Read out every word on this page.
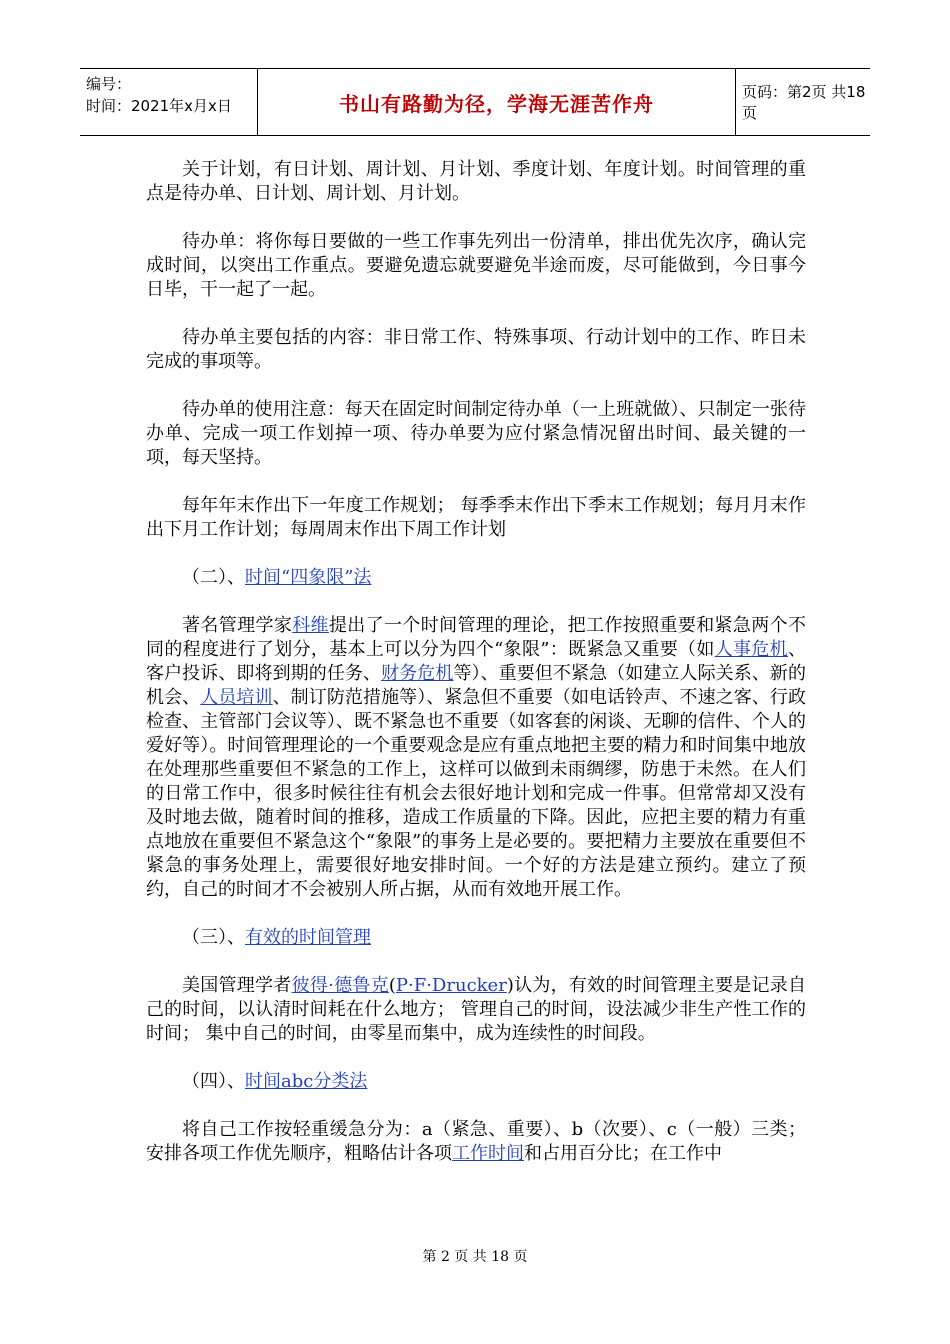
编号：
时间：2021年x月x日	书山有路勤为径，学海无涯苦作舟	页码：第2页 共18页

关于计划，有日计划、周计划、月计划、季度计划、年度计划。时间管理的重点是待办单、日计划、周计划、月计划。

待办单：将你每日要做的一些工作事先列出一份清单，排出优先次序，确认完成时间，以突出工作重点。要避免遗忘就要避免半途而废，尽可能做到，今日事今日毕，干一起了一起。

待办单主要包括的内容：非日常工作、特殊事项、行动计划中的工作、昨日未完成的事项等。

待办单的使用注意：每天在固定时间制定待办单（一上班就做）、只制定一张待办单、完成一项工作划掉一项、待办单要为应付紧急情况留出时间、最关键的一项，每天坚持。

每年年末作出下一年度工作规划； 每季季末作出下季末工作规划；每月月末作出下月工作计划；每周周末作出下周工作计划

（二）、时间“四象限”法

著名管理学家科维提出了一个时间管理的理论，把工作按照重要和紧急两个不同的程度进行了划分，基本上可以分为四个“象限”：既紧急又重要（如人事危机、客户投诉、即将到期的任务、财务危机等）、重要但不紧急（如建立人际关系、新的机会、人员培训、制订防范措施等）、紧急但不重要（如电话铃声、不速之客、行政检查、主管部门会议等）、既不紧急也不重要（如客套的闲谈、无聊的信件、个人的爱好等）。时间管理理论的一个重要观念是应有重点地把主要的精力和时间集中地放在处理那些重要但不紧急的工作上，这样可以做到未雨绸缪，防患于未然。在人们的日常工作中，很多时候往往有机会去很好地计划和完成一件事。但常常却又没有及时地去做，随着时间的推移，造成工作质量的下降。因此，应把主要的精力有重点地放在重要但不紧急这个“象限”的事务上是必要的。要把精力主要放在重要但不紧急的事务处理上，需要很好地安排时间。一个好的方法是建立预约。建立了预约，自己的时间才不会被别人所占据，从而有效地开展工作。

（三）、有效的时间管理

美国管理学者彼得·德鲁克(P·F·Drucker)认为，有效的时间管理主要是记录自己的时间，以认清时间耗在什么地方； 管理自己的时间，设法减少非生产性工作的时间； 集中自己的时间，由零星而集中，成为连续性的时间段。

（四）、时间abc分类法

将自己工作按轻重缓急分为：a（紧急、重要）、b（次要）、c（一般）三类；安排各项工作优先顺序，粗略估计各项工作时间和占用百分比；在工作中

第 2 页 共 18 页
